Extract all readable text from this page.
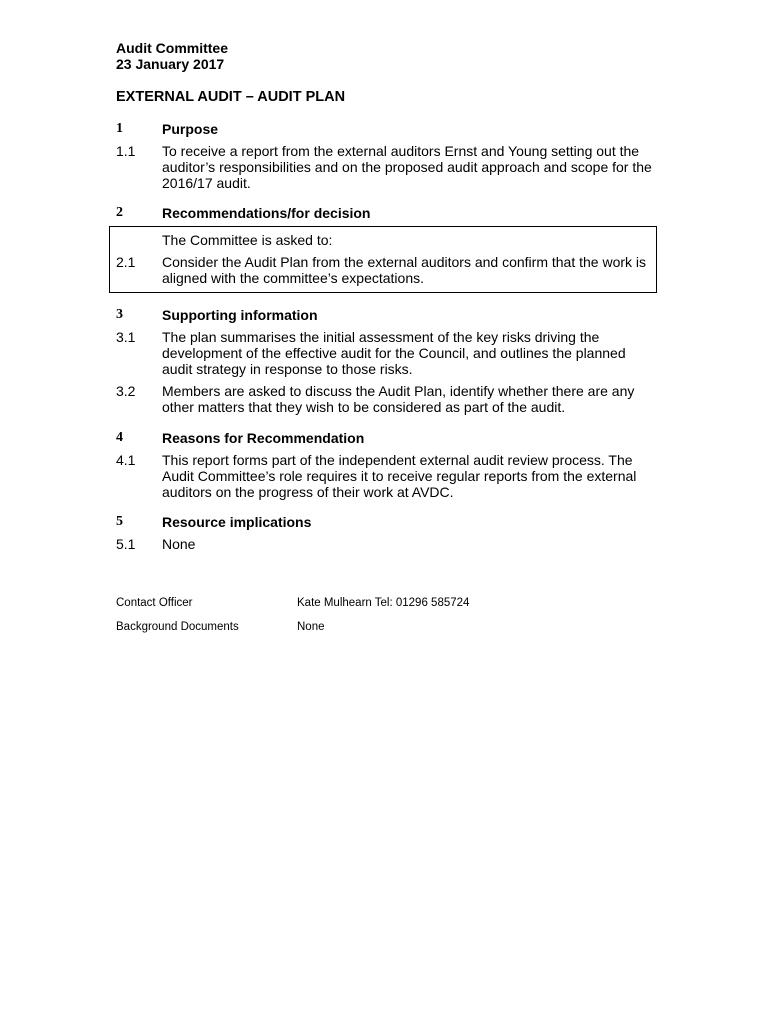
Audit Committee
23 January 2017
EXTERNAL AUDIT – AUDIT PLAN
1	Purpose
1.1 To receive a report from the external auditors Ernst and Young setting out the auditor’s responsibilities and on the proposed audit approach and scope for the 2016/17 audit.
2	Recommendations/for decision
The Committee is asked to:
2.1 Consider the Audit Plan from the external auditors and confirm that the work is aligned with the committee’s expectations.
3	Supporting information
3.1 The plan summarises the initial assessment of the key risks driving the development of the effective audit for the Council, and outlines the planned audit strategy in response to those risks.
3.2 Members are asked to discuss the Audit Plan, identify whether there are any other matters that they wish to be considered as part of the audit.
4	Reasons for Recommendation
4.1 This report forms part of the independent external audit review process. The Audit Committee’s role requires it to receive regular reports from the external auditors on the progress of their work at AVDC.
5	Resource implications
5.1 None
Contact Officer	Kate Mulhearn Tel: 01296 585724
Background Documents	None
